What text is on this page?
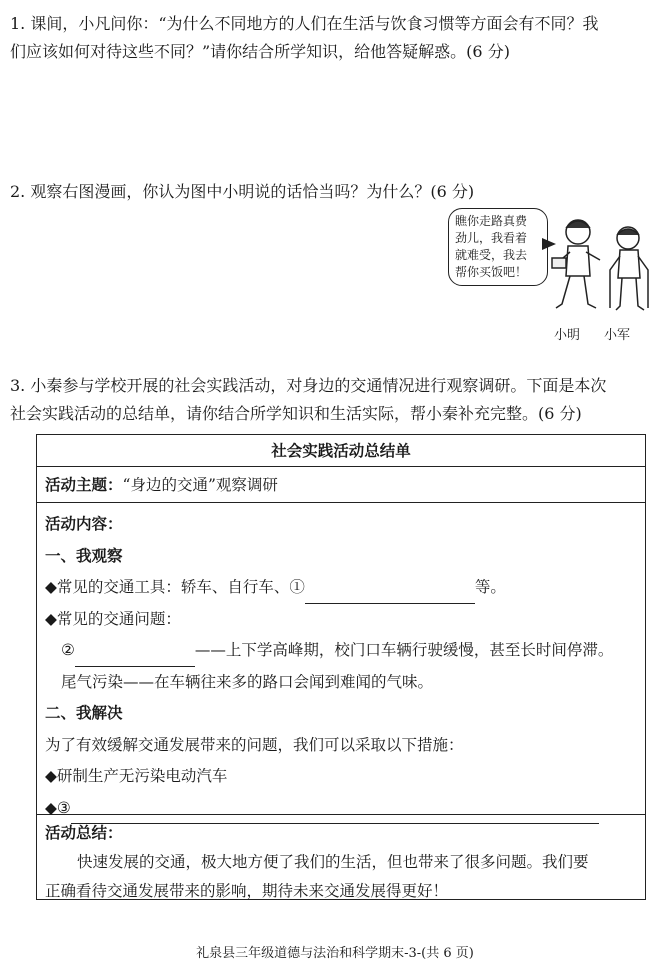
1. 课间，小凡问你：“为什么不同地方的人们在生活与饮食习惯等方面会有不同？我

们应该如何对待这些不同？”请你结合所学知识，给他答疑解惑。(6 分)

2. 观察右图漫画，你认为图中小明说的话恰当吗？为什么？(6 分)

瞧你走路真费
劲儿，我看着
就难受，我去
帮你买饭吧！
小明 小军

3. 小秦参与学校开展的社会实践活动，对身边的交通情况进行观察调研。下面是本次

社会实践活动的总结单，请你结合所学知识和生活实际，帮小秦补充完整。(6 分)

社会实践活动总结单
活动主题：“身边的交通”观察调研
活动内容：
一、我观察
◆常见的交通工具：轿车、自行车、①	等。
◆常见的交通问题：
②	——上下学高峰期，校门口车辆行驶缓慢，甚至长时间停滞。
尾气污染——在车辆往来多的路口会闻到难闻的气味。
二、我解决
为了有效缓解交通发展带来的问题，我们可以采取以下措施：
◆研制生产无污染电动汽车
◆③
活动总结：
快速发展的交通，极大地方便了我们的生活，但也带来了很多问题。我们要
正确看待交通发展带来的影响，期待未来交通发展得更好！
礼泉县三年级道德与法治和科学期末-3-(共 6 页)
